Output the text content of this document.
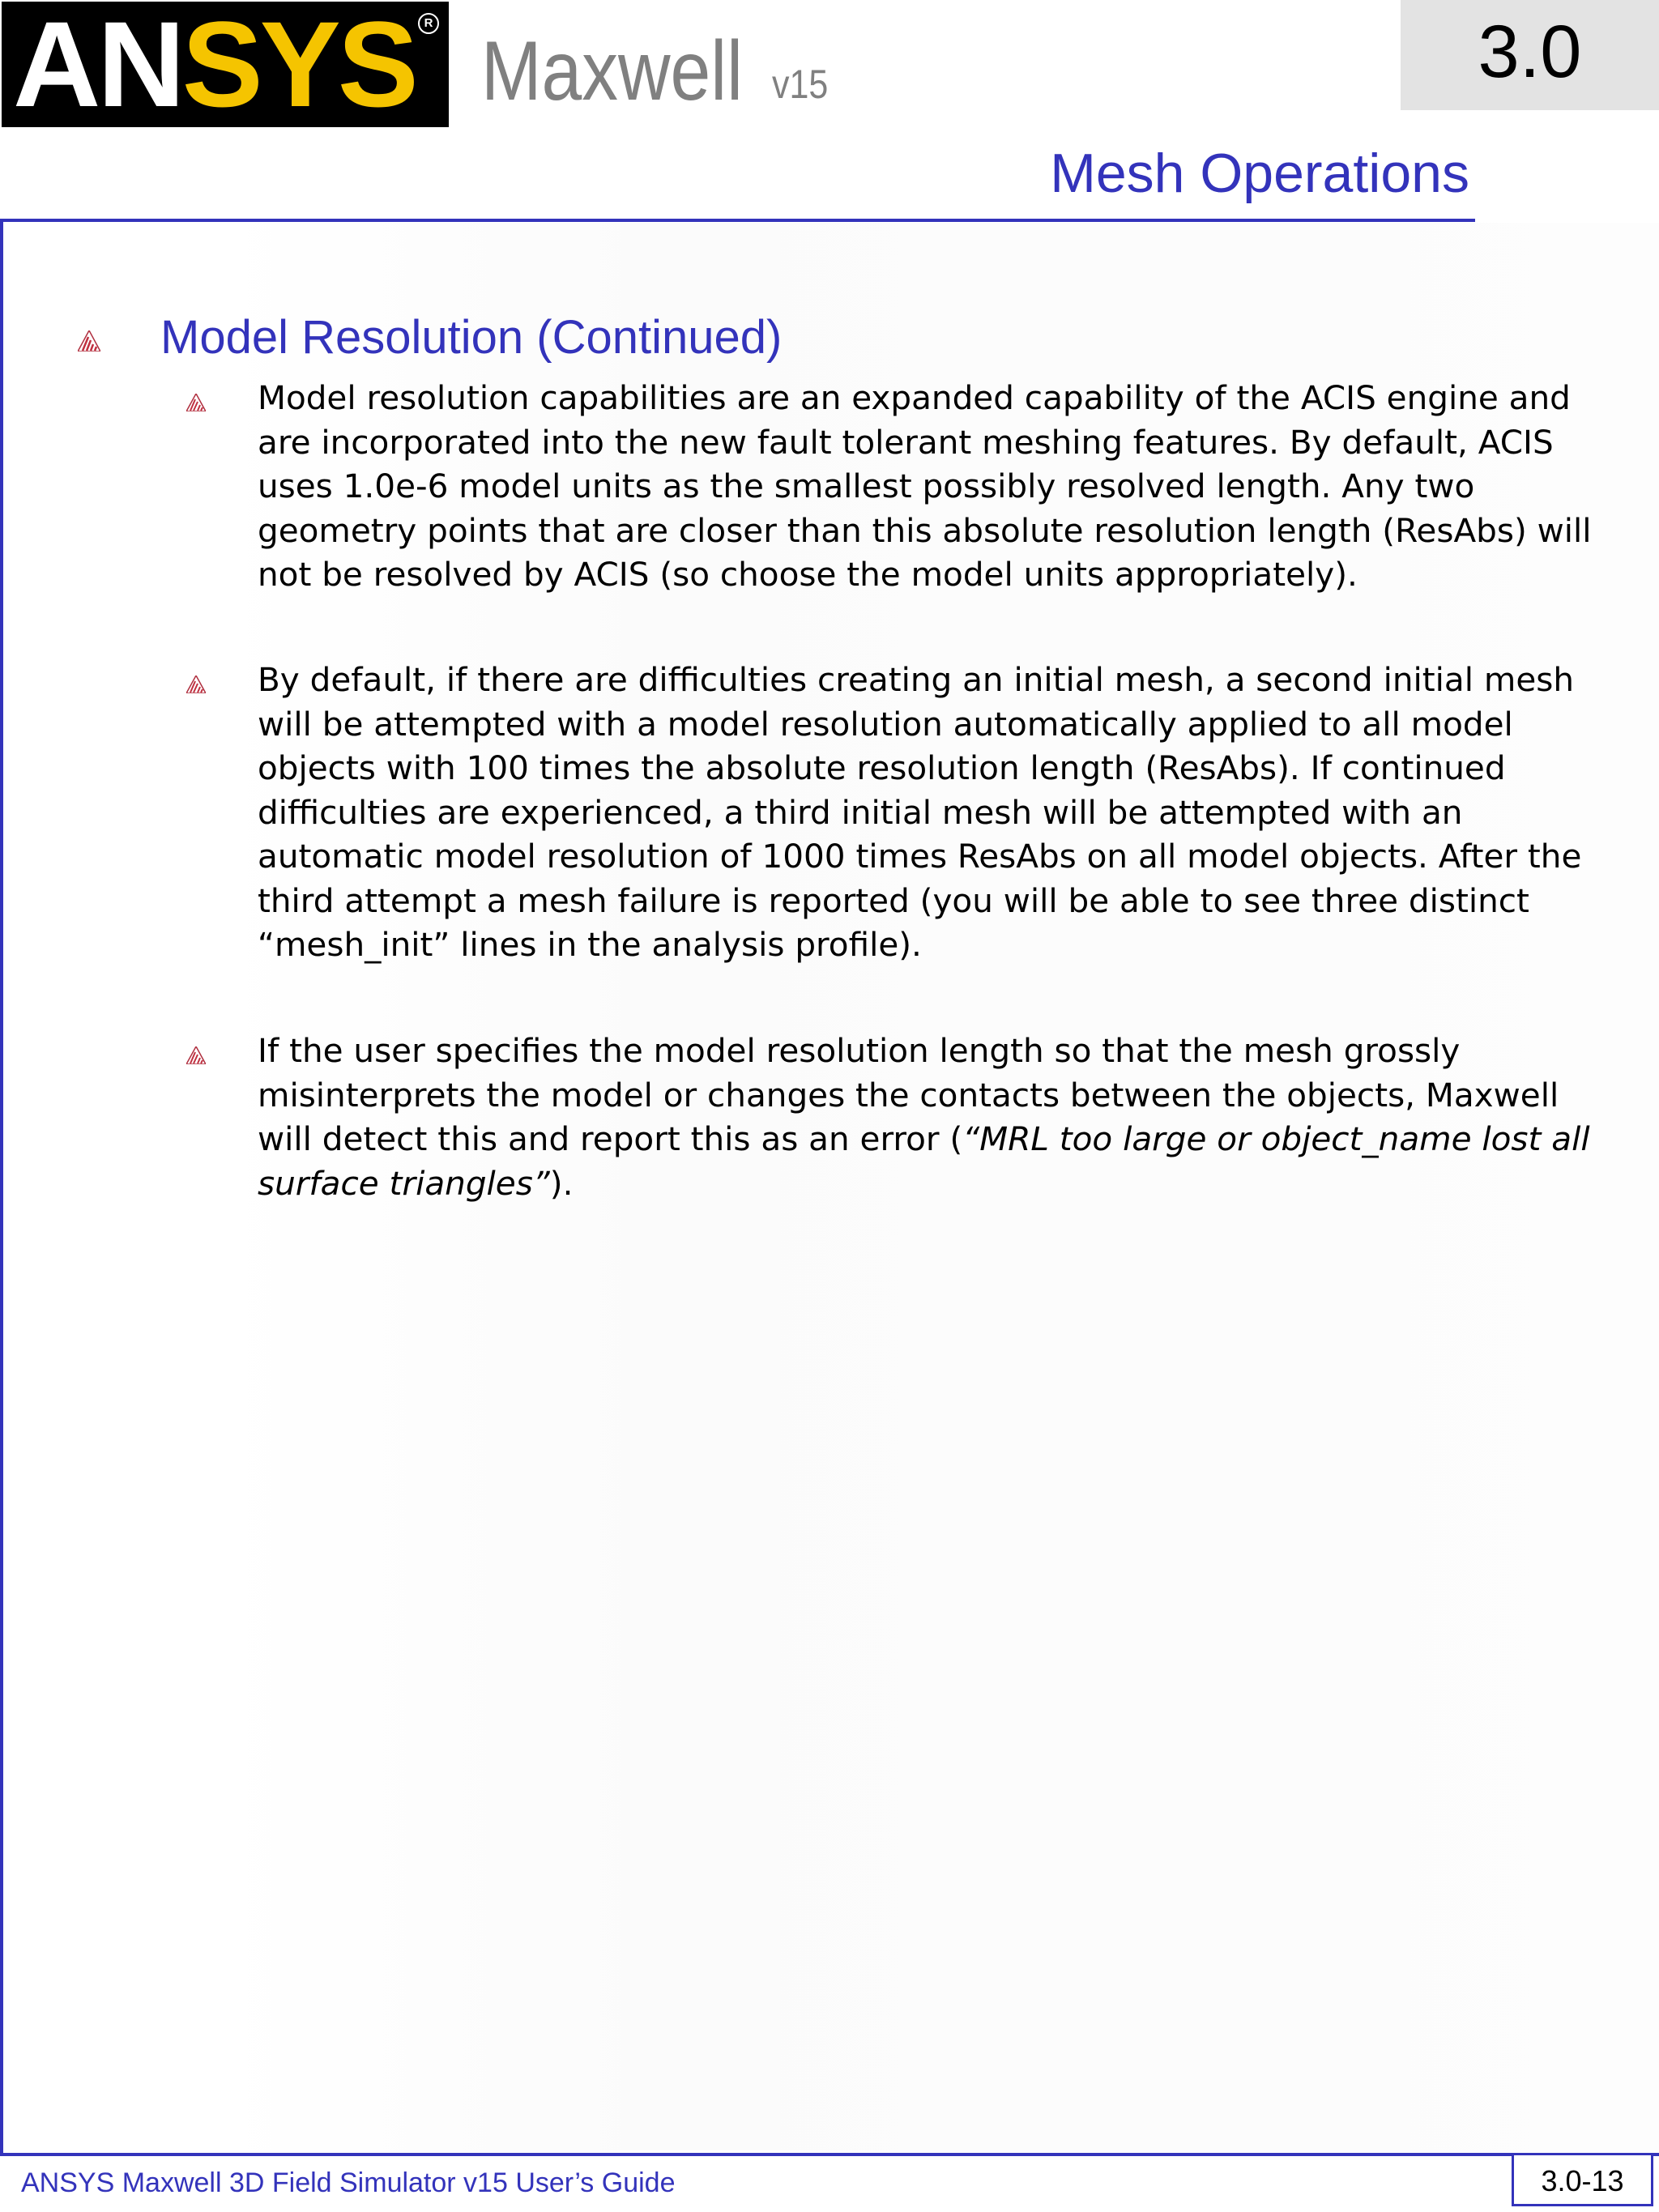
ANSYS R
Maxwell v15	3.0
Mesh Operations
Model Resolution (Continued)

Model resolution capabilities are an expanded capability of the ACIS engine and
are incorporated into the new fault tolerant meshing features. By default, ACIS
uses 1.0e-6 model units as the smallest possibly resolved length. Any two
geometry points that are closer than this absolute resolution length (ResAbs) will
not be resolved by ACIS (so choose the model units appropriately).

By default, if there are difficulties creating an initial mesh, a second initial mesh
will be attempted with a model resolution automatically applied to all model
objects with 100 times the absolute resolution length (ResAbs). If continued
difficulties are experienced, a third initial mesh will be attempted with an
automatic model resolution of 1000 times ResAbs on all model objects. After the
third attempt a mesh failure is reported (you will be able to see three distinct
“mesh_init” lines in the analysis profile).

If the user specifies the model resolution length so that the mesh grossly
misinterprets the model or changes the contacts between the objects, Maxwell
will detect this and report this as an error (“MRL too large or object_name lost all
surface triangles”).

ANSYS Maxwell 3D Field Simulator v15 User’s Guide	3.0-13
